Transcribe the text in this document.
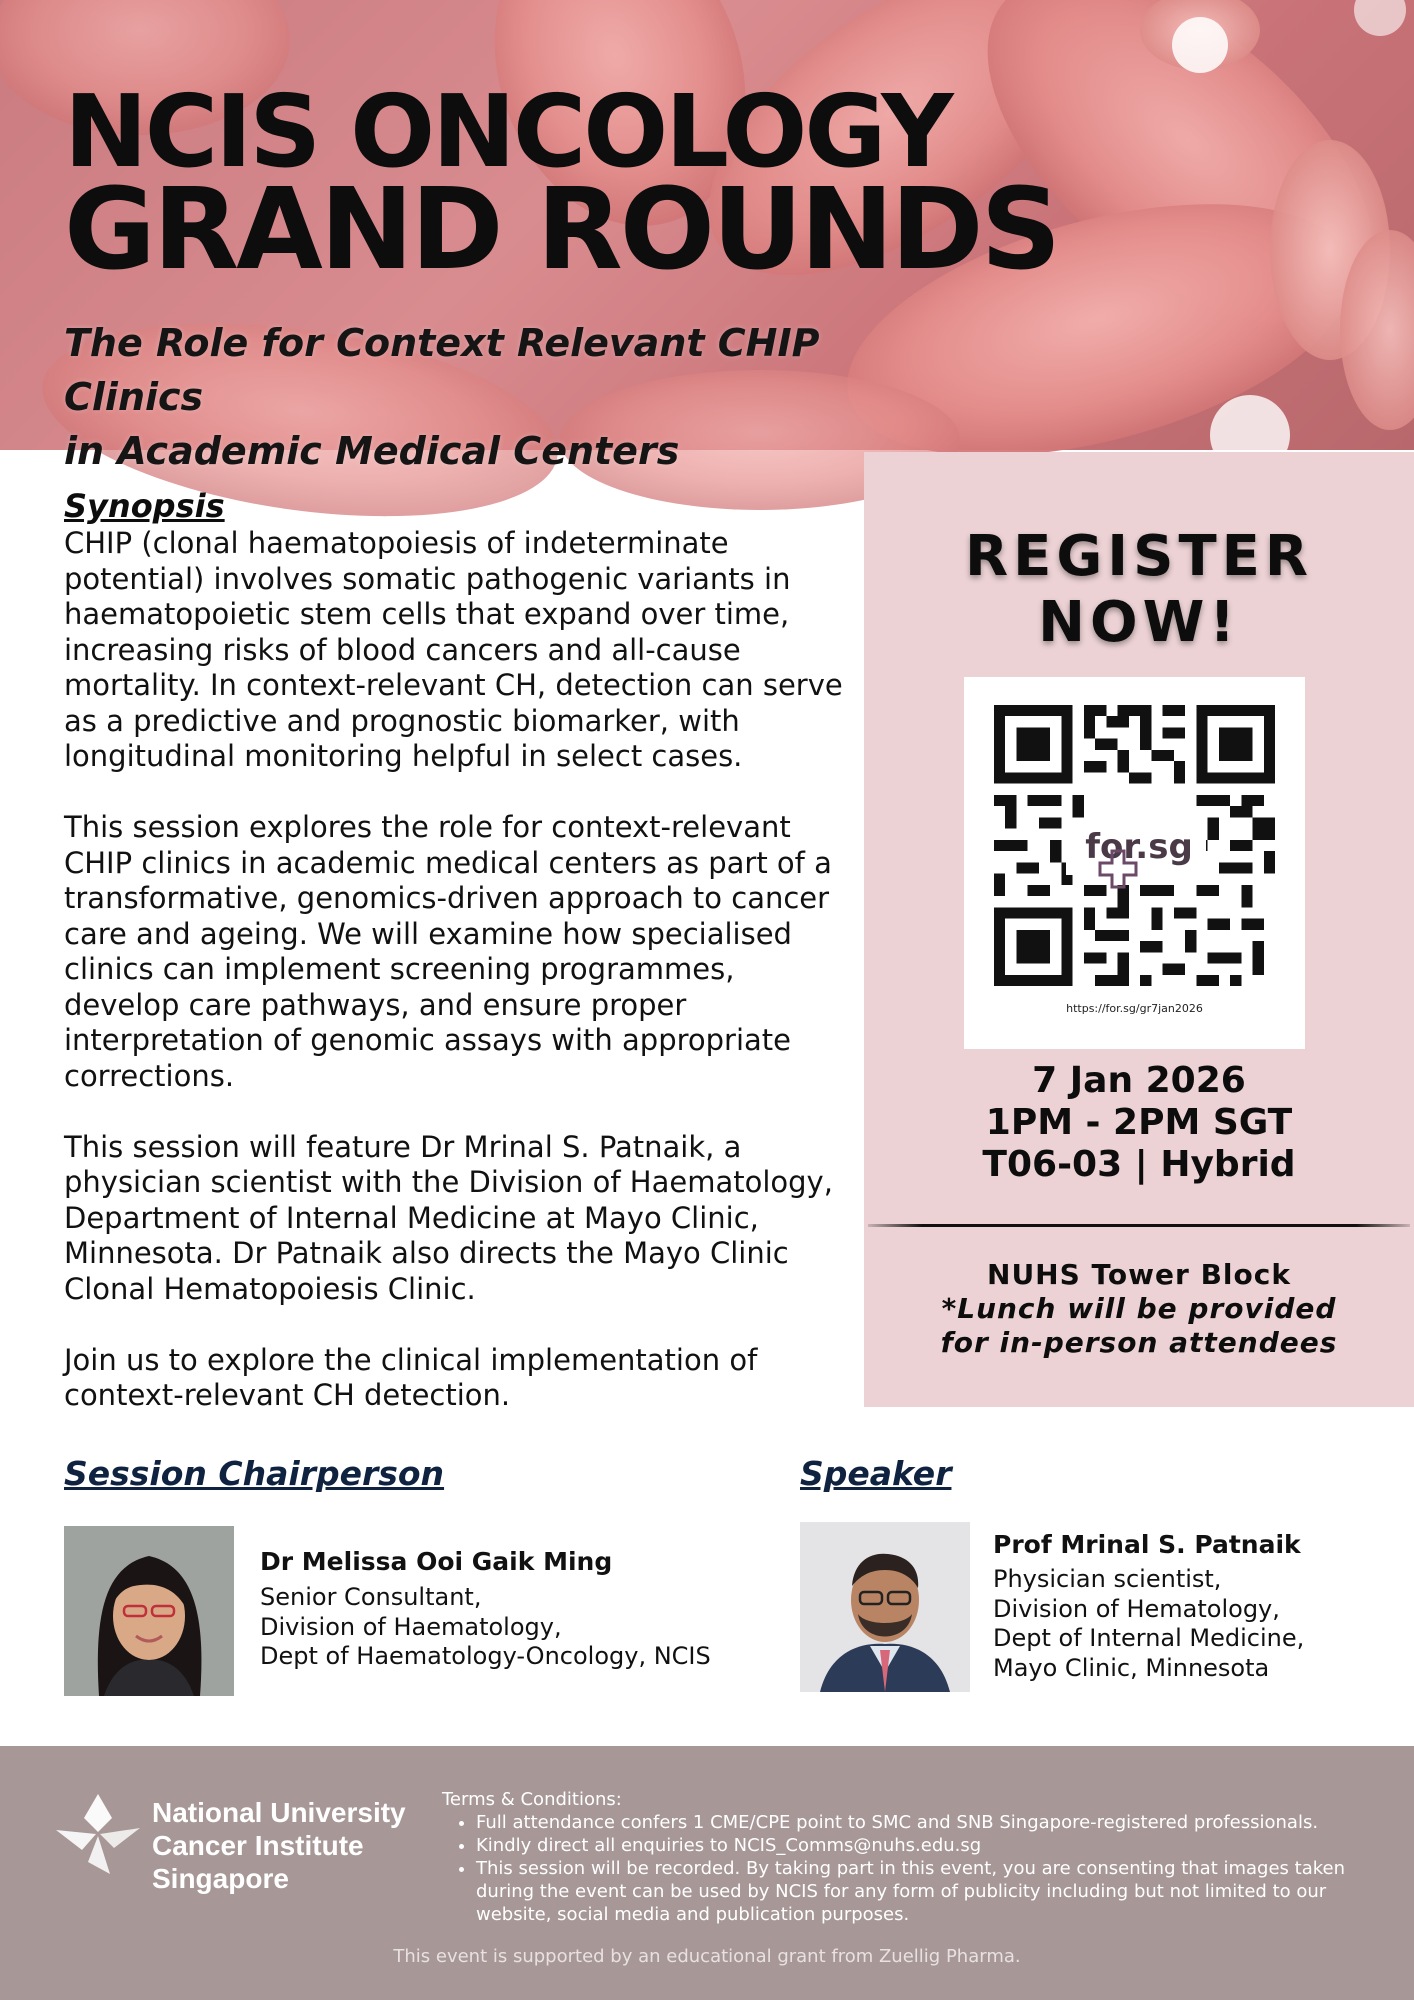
NCIS ONCOLOGY
GRAND ROUNDS

The Role for Context Relevant CHIP Clinics
in Academic Medical Centers

Synopsis

CHIP (clonal haematopoiesis of indeterminate potential) involves somatic pathogenic variants in haematopoietic stem cells that expand over time, increasing risks of blood cancers and all-cause mortality. In context-relevant CH, detection can serve as a predictive and prognostic biomarker, with longitudinal monitoring helpful in select cases.

This session explores the role for context-relevant CHIP clinics in academic medical centers as part of a transformative, genomics-driven approach to cancer care and ageing. We will examine how specialised clinics can implement screening programmes, develop care pathways, and ensure proper interpretation of genomic assays with appropriate corrections.

This session will feature Dr Mrinal S. Patnaik, a physician scientist with the Division of Haematology, Department of Internal Medicine at Mayo Clinic, Minnesota. Dr Patnaik also directs the Mayo Clinic Clonal Hematopoiesis Clinic.

Join us to explore the clinical implementation of context-relevant CH detection.

REGISTER
NOW!
for.sg
https://for.sg/gr7jan2026
7 Jan 2026
1PM - 2PM SGT
T06-03 | Hybrid
NUHS Tower Block
*Lunch will be provided
for in-person attendees
Session Chairperson
Dr Melissa Ooi Gaik Ming
Senior Consultant,
Division of Haematology,
Dept of Haematology-Oncology, NCIS
Speaker
Prof Mrinal S. Patnaik
Physician scientist,
Division of Hematology,
Dept of Internal Medicine,
Mayo Clinic, Minnesota
National University
Cancer Institute
Singapore

Terms & Conditions:

• Full attendance confers 1 CME/CPE point to SMC and SNB Singapore-registered professionals.
• Kindly direct all enquiries to NCIS_Comms@nuhs.edu.sg
• This session will be recorded. By taking part in this event, you are consenting that images taken during the event can be used by NCIS for any form of publicity including but not limited to our website, social media and publication purposes.
This event is supported by an educational grant from Zuellig Pharma.
